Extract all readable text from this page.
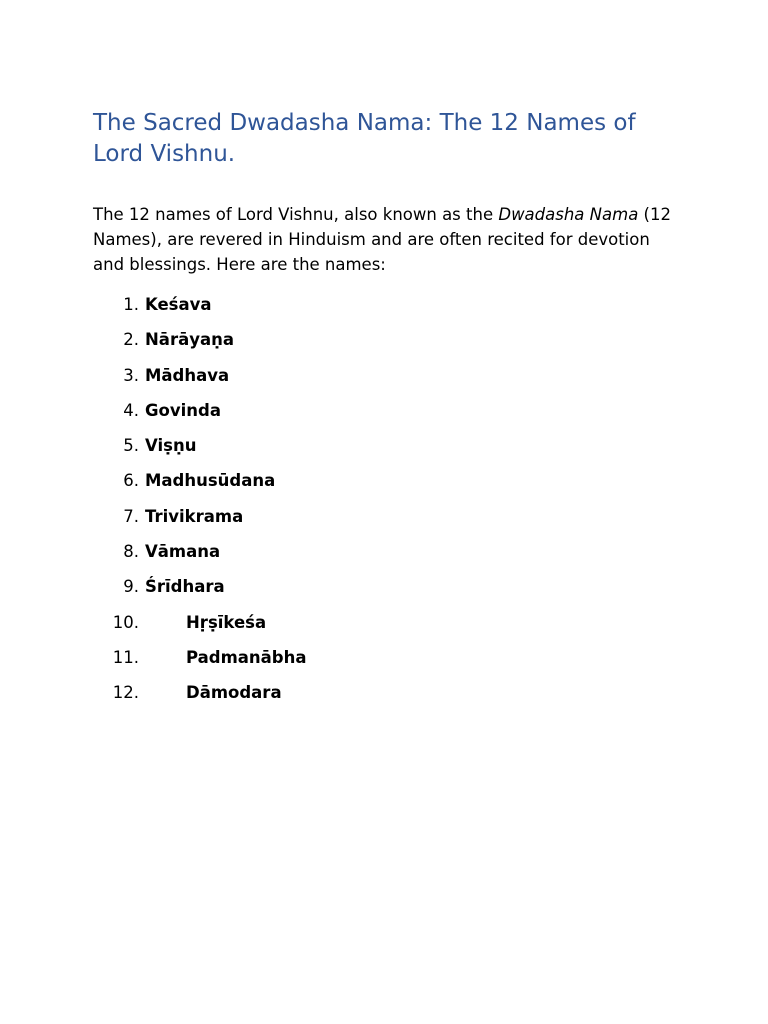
The Sacred Dwadasha Nama: The 12 Names of Lord Vishnu.

The 12 names of Lord Vishnu, also known as the Dwadasha Nama (12 Names), are revered in Hinduism and are often recited for devotion and blessings. Here are the names:

1. Keśava
2. Nārāyaṇa
3. Mādhava
4. Govinda
5. Viṣṇu
6. Madhusūdana
7. Trivikrama
8. Vāmana
9. Śrīdhara
10.	Hṛṣīkeśa
11.	Padmanābha
12.	Dāmodara
